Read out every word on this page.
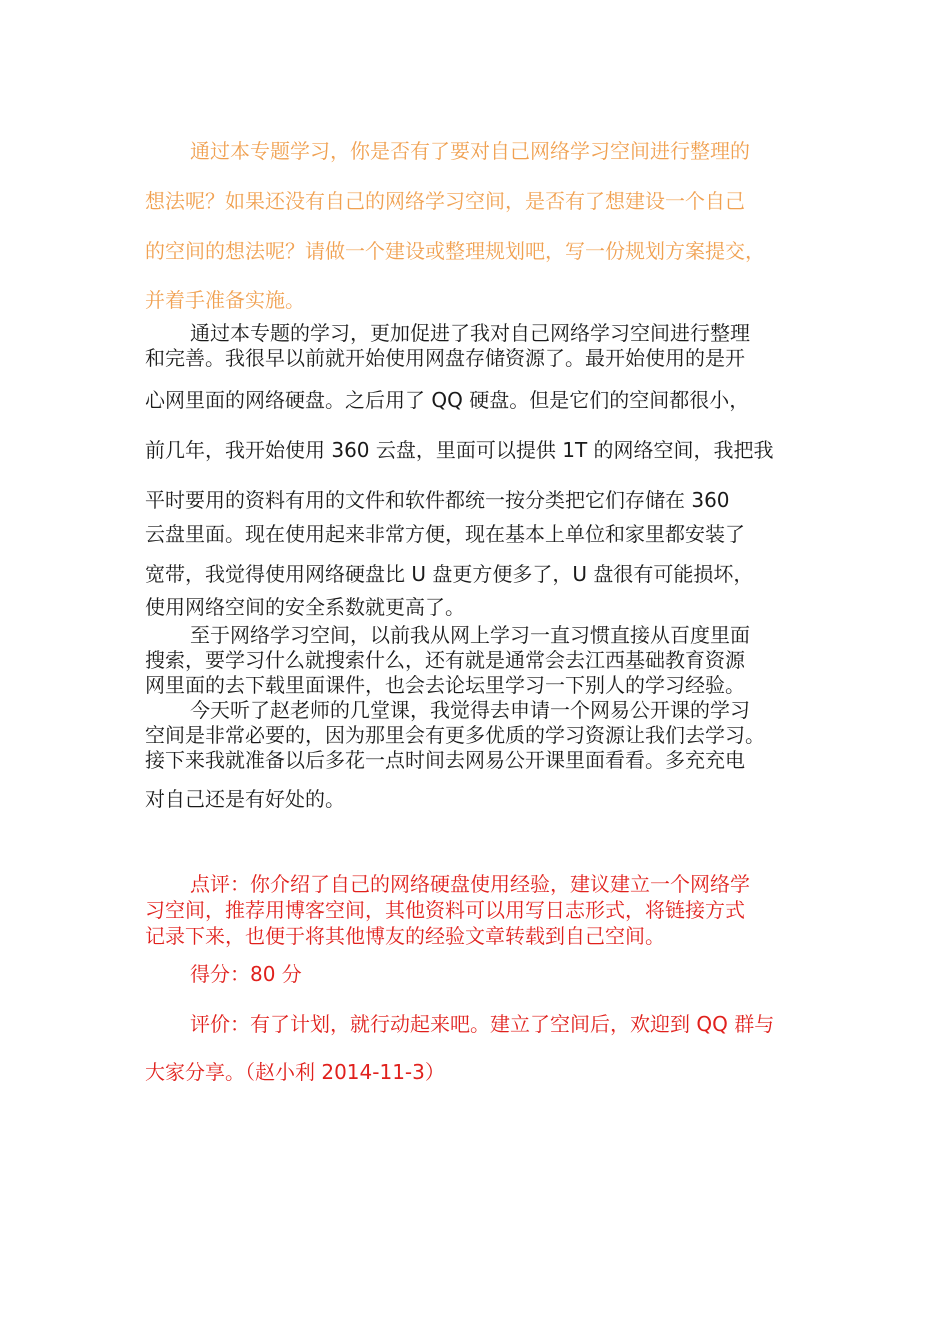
通过本专题学习，你是否有了要对自己网络学习空间进行整理的
想法呢？如果还没有自己的网络学习空间，是否有了想建设一个自己
的空间的想法呢？请做一个建设或整理规划吧，写一份规划方案提交，
并着手准备实施。
通过本专题的学习，更加促进了我对自己网络学习空间进行整理
和完善。我很早以前就开始使用网盘存储资源了。最开始使用的是开
心网里面的网络硬盘。之后用了 QQ 硬盘。但是它们的空间都很小，
前几年，我开始使用 360 云盘，里面可以提供 1T 的网络空间，我把我
平时要用的资料有用的文件和软件都统一按分类把它们存储在 360
云盘里面。现在使用起来非常方便，现在基本上单位和家里都安装了
宽带，我觉得使用网络硬盘比 U 盘更方便多了，U 盘很有可能损坏，
使用网络空间的安全系数就更高了。
至于网络学习空间，以前我从网上学习一直习惯直接从百度里面
搜索，要学习什么就搜索什么，还有就是通常会去江西基础教育资源
网里面的去下载里面课件，也会去论坛里学习一下别人的学习经验。
今天听了赵老师的几堂课，我觉得去申请一个网易公开课的学习
空间是非常必要的，因为那里会有更多优质的学习资源让我们去学习。
接下来我就准备以后多花一点时间去网易公开课里面看看。多充充电
对自己还是有好处的。
点评：你介绍了自己的网络硬盘使用经验，建议建立一个网络学
习空间，推荐用博客空间，其他资料可以用写日志形式，将链接方式
记录下来，也便于将其他博友的经验文章转载到自己空间。
得分：80 分
评价：有了计划，就行动起来吧。建立了空间后，欢迎到 QQ 群与
大家分享。（赵小利 2014-11-3）
